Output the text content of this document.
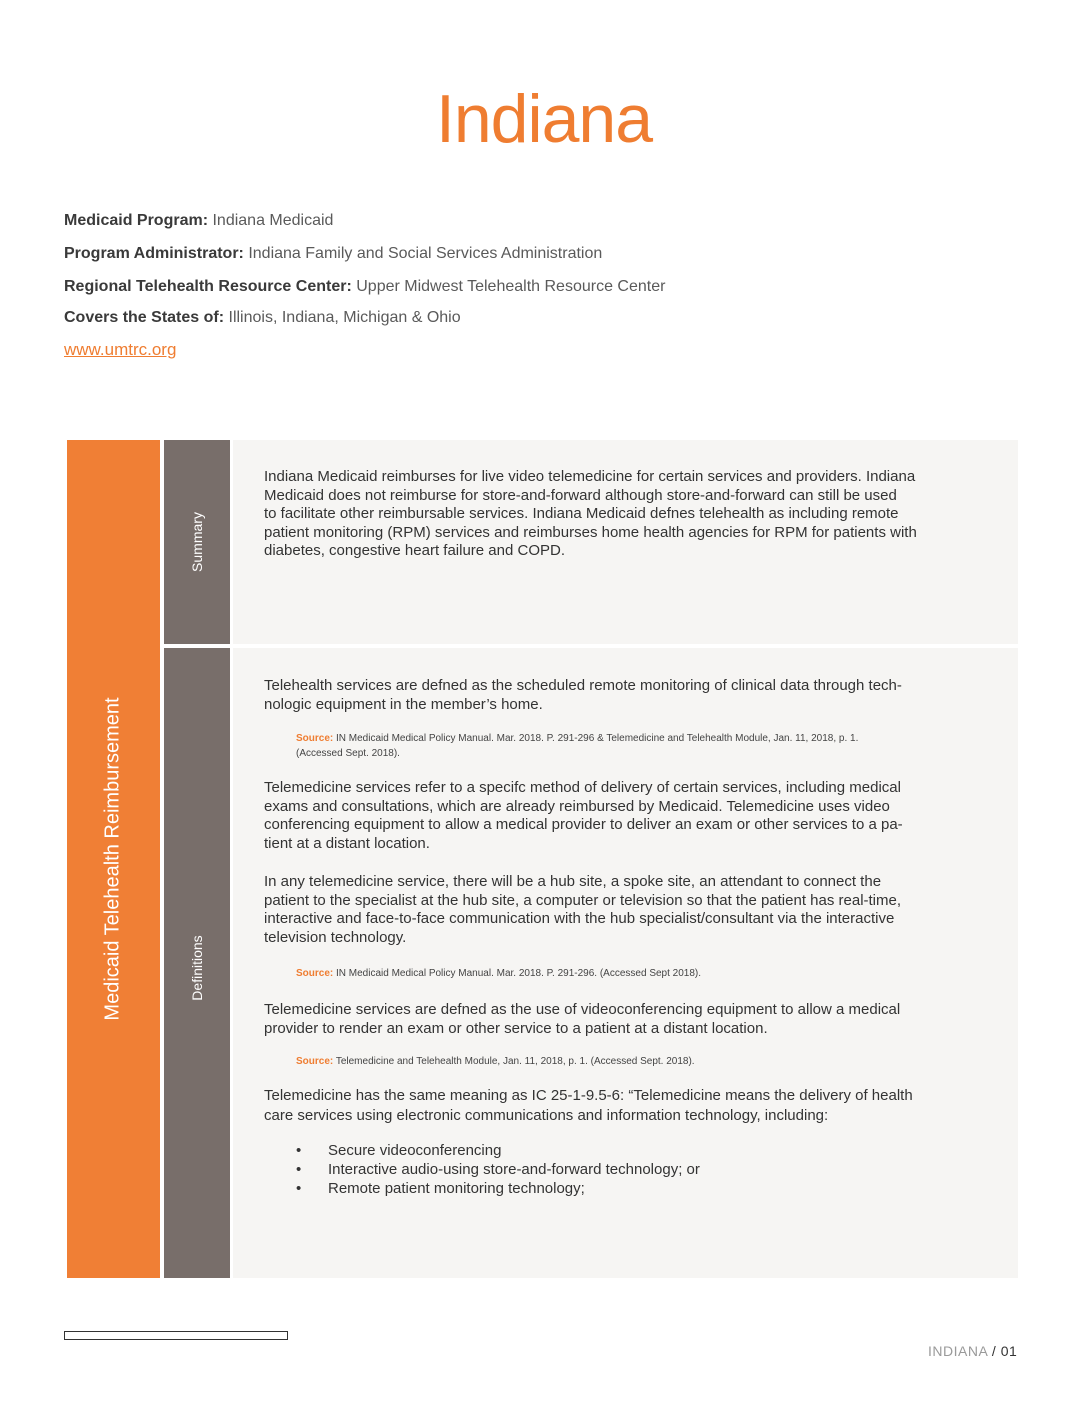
Indiana
Medicaid Program: Indiana Medicaid
Program Administrator: Indiana Family and Social Services Administration
Regional Telehealth Resource Center: Upper Midwest Telehealth Resource Center
Covers the States of: Illinois, Indiana, Michigan & Ohio
www.umtrc.org
Medicaid Telehealth Reimbursement
Summary
Definitions
Indiana Medicaid reimburses for live video telemedicine for certain services and providers. Indiana
Medicaid does not reimburse for store-and-forward although store-and-forward can still be used
to facilitate other reimbursable services. Indiana Medicaid defnes telehealth as including remote
patient monitoring (RPM) services and reimburses home health agencies for RPM for patients with
diabetes, congestive heart failure and COPD.
Telehealth services are defned as the scheduled remote monitoring of clinical data through tech-
nologic equipment in the member’s home.
Source: IN Medicaid Medical Policy Manual. Mar. 2018. P. 291-296 & Telemedicine and Telehealth Module, Jan. 11, 2018, p. 1.
(Accessed Sept. 2018).
Telemedicine services refer to a specifc method of delivery of certain services, including medical
exams and consultations, which are already reimbursed by Medicaid. Telemedicine uses video
conferencing equipment to allow a medical provider to deliver an exam or other services to a pa-
tient at a distant location.
In any telemedicine service, there will be a hub site, a spoke site, an attendant to connect the
patient to the specialist at the hub site, a computer or television so that the patient has real-time,
interactive and face-to-face communication with the hub specialist/consultant via the interactive
television technology.
Source: IN Medicaid Medical Policy Manual. Mar. 2018. P. 291-296. (Accessed Sept 2018).
Telemedicine services are defned as the use of videoconferencing equipment to allow a medical
provider to render an exam or other service to a patient at a distant location.
Source: Telemedicine and Telehealth Module, Jan. 11, 2018, p. 1. (Accessed Sept. 2018).
Telemedicine has the same meaning as IC 25-1-9.5-6: “Telemedicine means the delivery of health
care services using electronic communications and information technology, including:
• Secure videoconferencing
• Interactive audio-using store-and-forward technology; or
• Remote patient monitoring technology;
INDIANA / 01
